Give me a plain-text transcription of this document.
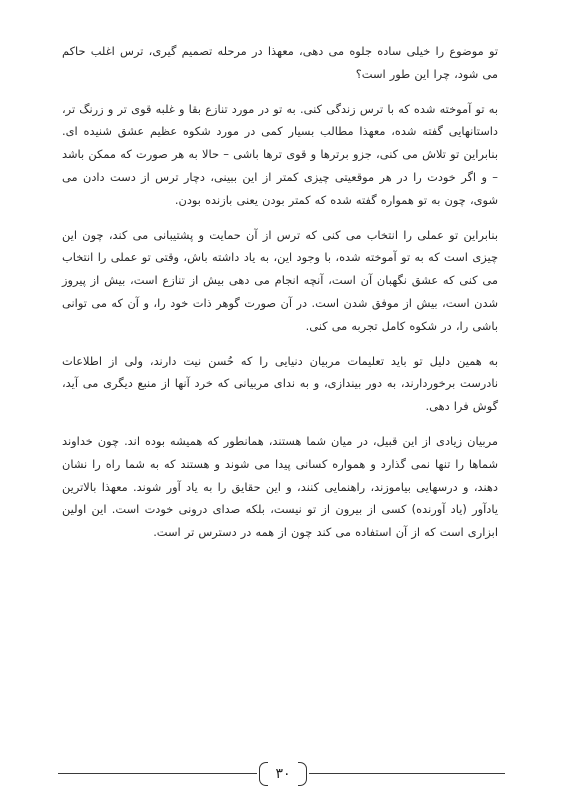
تو موضوع را خیلی ساده جلوه می دهی، معهذا در مرحله تصمیم گیری، ترس اغلب حاکم می شود، چرا این طور است؟

به تو آموخته شده که با ترس زندگی کنی. به تو در مورد تنازع بقا و غلبه قوی تر و زرنگ تر، داستانهایی گفته شده، معهذا مطالب بسیار کمی در مورد شکوه عظیم عشق شنیده ای. بنابراین تو تلاش می کنی، جزو برترها و قوی ترها باشی – حالا به هر صورت که ممکن باشد – و اگر خودت را در هر موقعیتی چیزی کمتر از این ببینی، دچار ترس از دست دادن می شوی، چون به تو همواره گفته شده که کمتر بودن یعنی بازنده بودن.

بنابراین تو عملی را انتخاب می کنی که ترس از آن حمایت و پشتیبانی می کند، چون این چیزی است که به تو آموخته شده، با وجود این، به یاد داشته باش، وقتی تو عملی را انتخاب می کنی که عشق نگهبان آن است، آنچه انجام می دهی بیش از تنازع است، بیش از پیروز شدن است، بیش از موفق شدن است. در آن صورت گوهر ذات خود را، و آن که می توانی باشی را، در شکوه کامل تجربه می کنی.

به همین دلیل تو باید تعلیمات مربیان دنیایی را که حُسن نیت دارند، ولی از اطلاعات نادرست برخوردارند، به دور بیندازی، و به ندای مربیانی که خرد آنها از منبع دیگری می آید، گوش فرا دهی.

مربیان زیادی از این قبیل، در میان شما هستند، همانطور که همیشه بوده اند. چون خداوند شماها را تنها نمی گذارد و همواره کسانی پیدا می شوند و هستند که به شما راه را نشان دهند، و درسهایی بیاموزند، راهنمایی کنند، و این حقایق را به یاد آور شوند. معهذا بالاترین یادآور (یاد آورنده) کسی از بیرون از تو نیست، بلکه صدای درونی خودت است. این اولین ابزاری است که از آن استفاده می کند چون از همه در دسترس تر است.

۳۰
